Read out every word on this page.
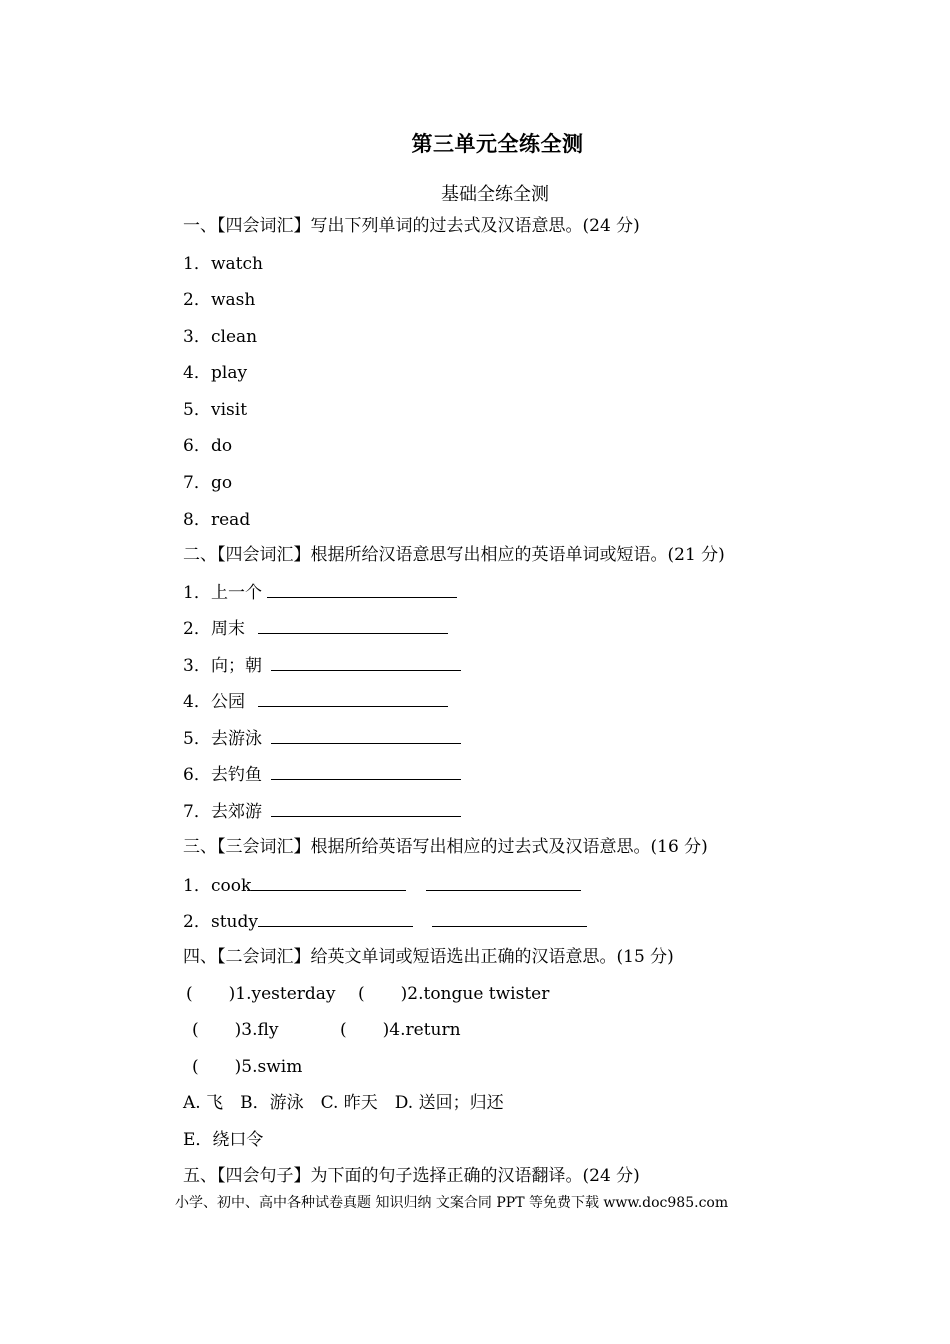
第三单元全练全测
基础全练全测
一、【四会词汇】写出下列单词的过去式及汉语意思。(24 分)
1．watch
2．wash
3．clean
4．play
5．visit
6．do
7．go
8．read
二、【四会词汇】根据所给汉语意思写出相应的英语单词或短语。(21 分)
1．上一个
2．周末
3．向；朝
4．公园
5．去游泳
6．去钓鱼
7．去郊游
三、【三会词汇】根据所给英语写出相应的过去式及汉语意思。(16 分)
1．cook
2．study
四、【二会词汇】给英文单词或短语选出正确的汉语意思。(15 分)
( )1.yesterday ( )2.tongue twister
( )3.fly	( )4.return
( )5.swim
A. 飞　B．游泳　C. 昨天　D. 送回；归还
E．绕口令
五、【四会句子】为下面的句子选择正确的汉语翻译。(24 分)
小学、初中、高中各种试卷真题 知识归纳 文案合同 PPT 等免费下载 www.doc985.com
